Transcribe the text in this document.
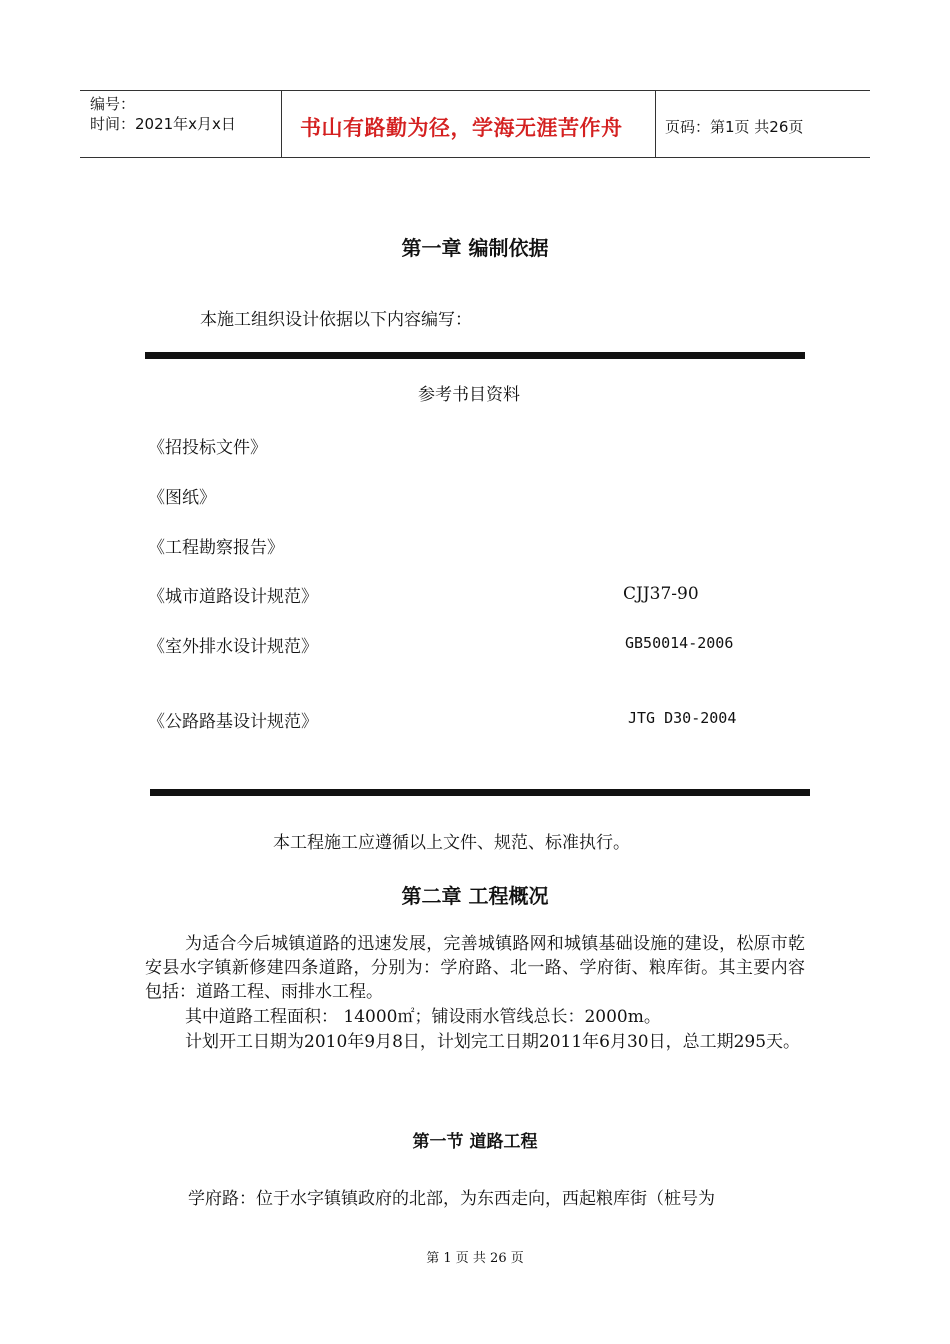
编号：
时间：2021年x月x日	书山有路勤为径，学海无涯苦作舟	页码：第1页 共26页
第一章 编制依据
本施工组织设计依据以下内容编写：
参考书目资料
《招投标文件》
《图纸》
《工程勘察报告》
《城市道路设计规范》	CJJ37-90
《室外排水设计规范》	GB50014-2006
《公路路基设计规范》	JTG D30-2004
本工程施工应遵循以上文件、规范、标准执行。
第二章 工程概况
为适合今后城镇道路的迅速发展，完善城镇路网和城镇基础设施的建设，松原市乾安县水字镇新修建四条道路，分别为：学府路、北一路、学府街、粮库街。其主要内容包括：道路工程、雨排水工程。
其中道路工程面积： 14000㎡；铺设雨水管线总长：2000m。
计划开工日期为2010年9月8日，计划完工日期2011年6月30日，总工期295天。
第一节 道路工程
学府路：位于水字镇镇政府的北部，为东西走向，西起粮库街（桩号为
第 1 页 共 26 页
